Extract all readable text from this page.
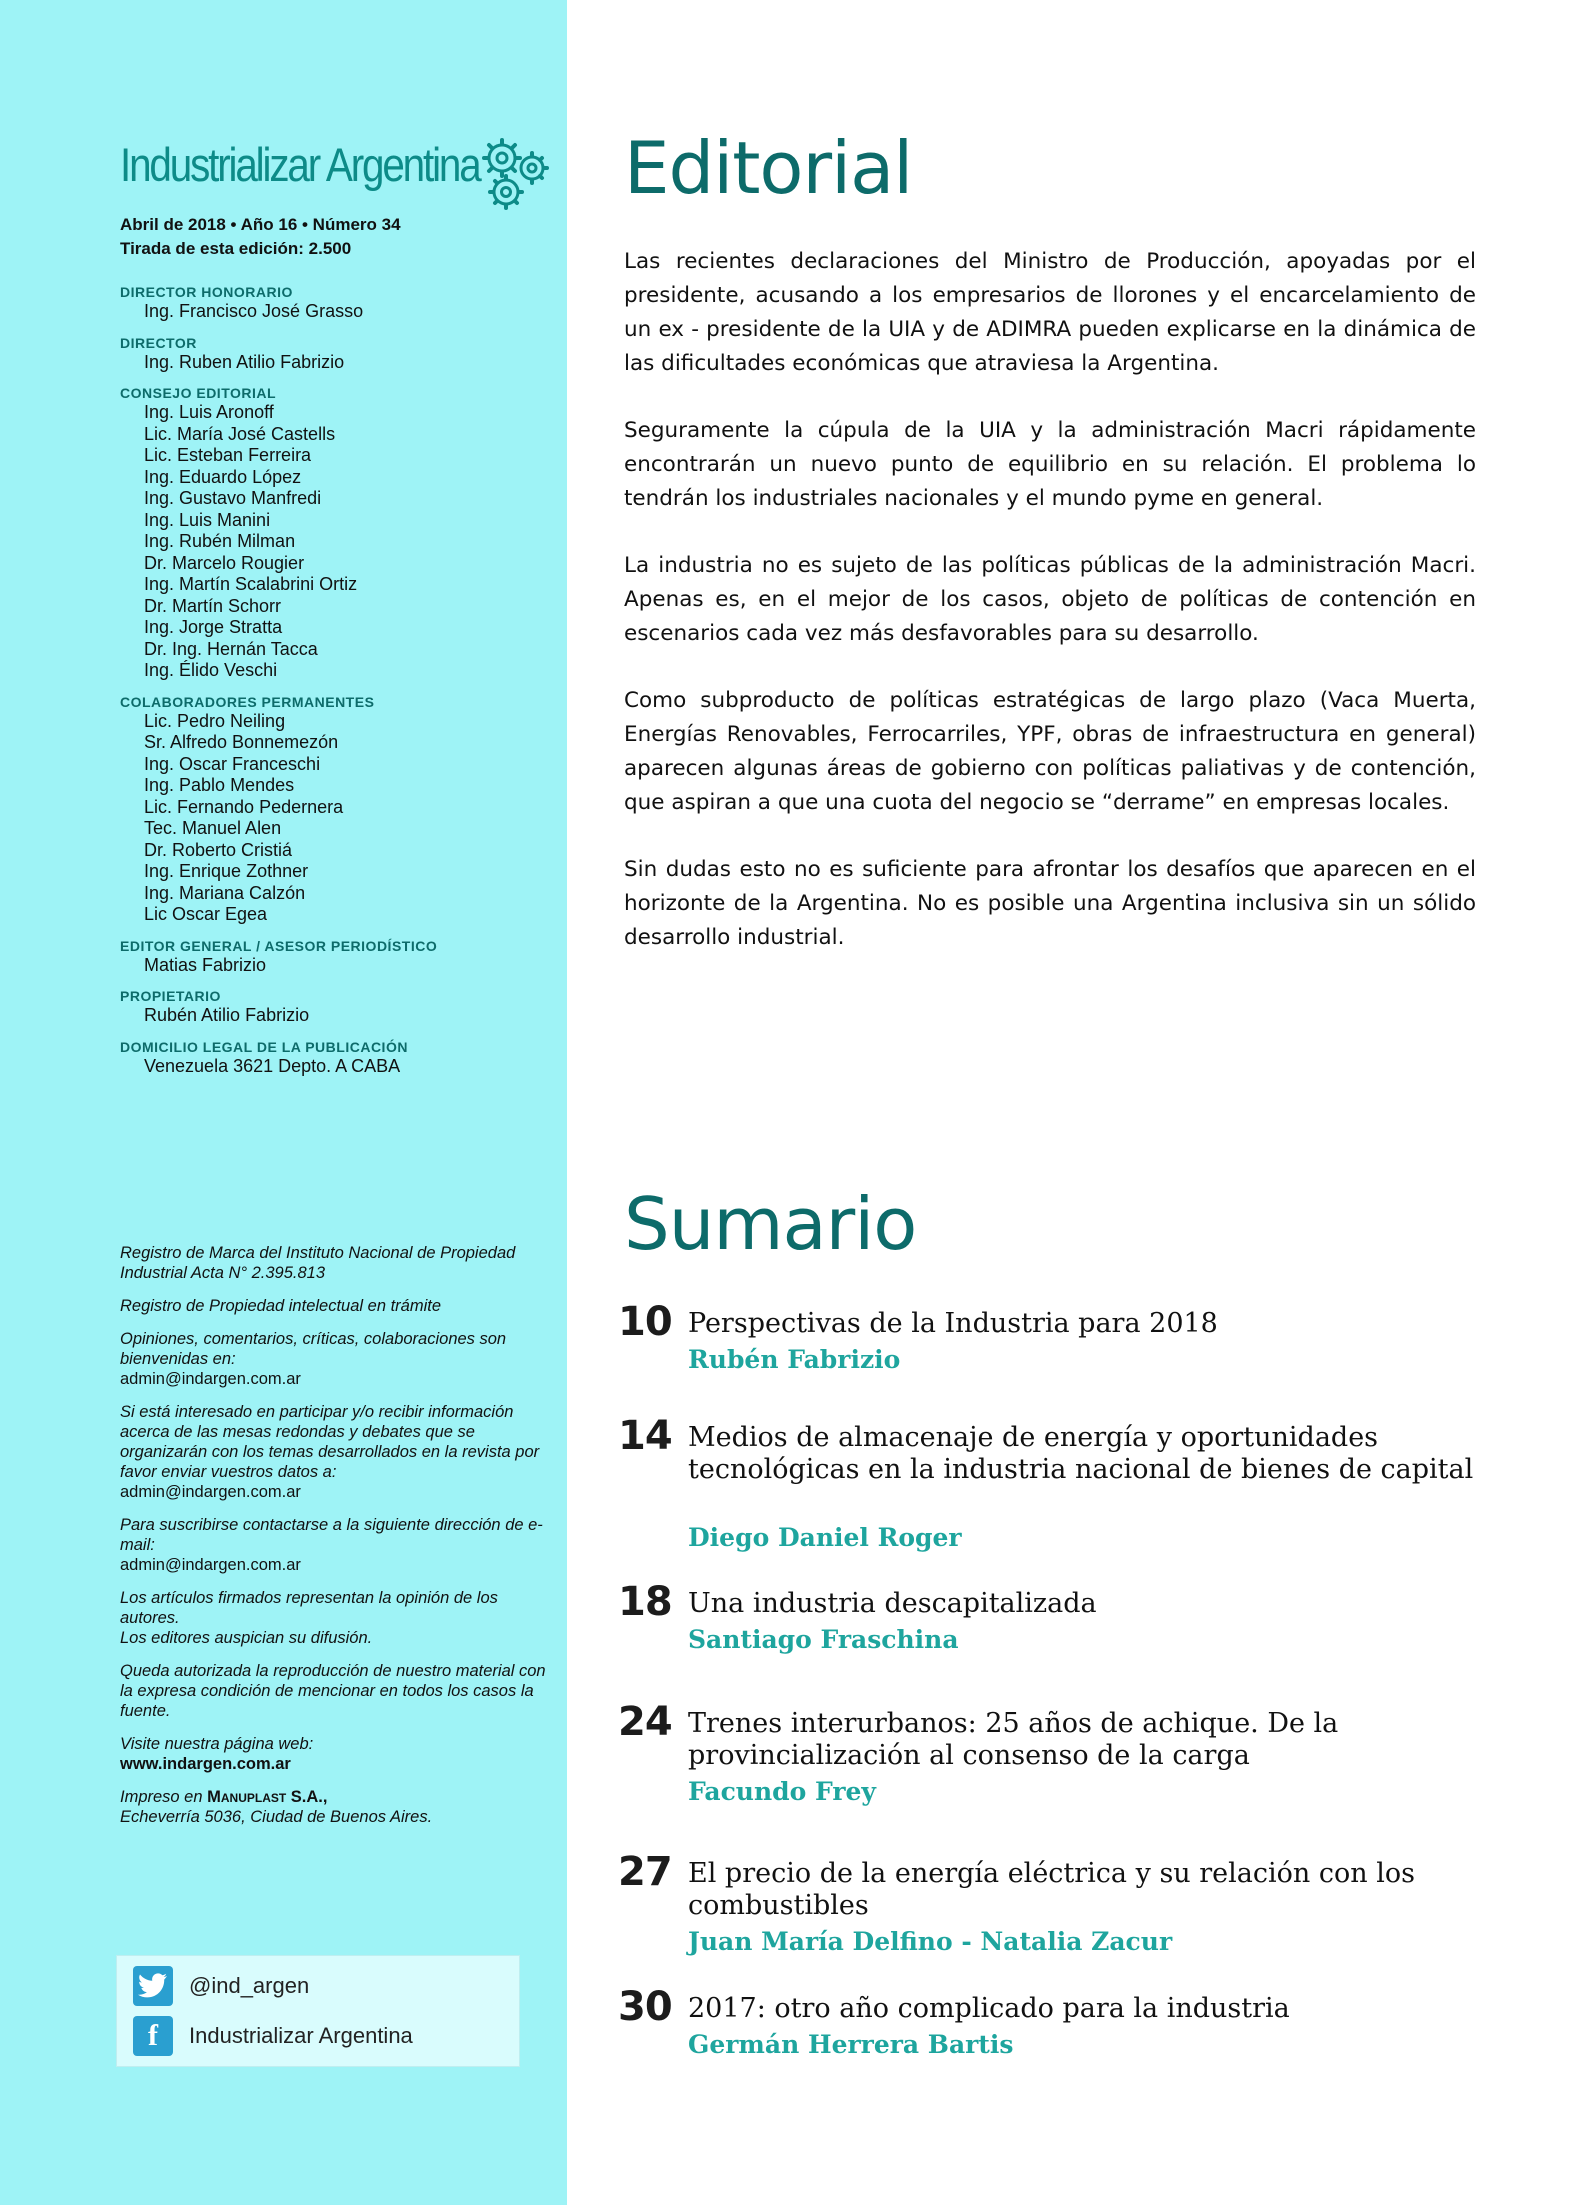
Industrializar Argentina
Abril de 2018 • Año 16 • Número 34
Tirada de esta edición: 2.500
DIRECTOR HONORARIO
Ing. Francisco José Grasso
DIRECTOR
Ing. Ruben Atilio Fabrizio
CONSEJO EDITORIAL
Ing. Luis Aronoff
Lic. María José Castells
Lic. Esteban Ferreira
Ing. Eduardo López
Ing. Gustavo Manfredi
Ing. Luis Manini
Ing. Rubén Milman
Dr. Marcelo Rougier
Ing. Martín Scalabrini Ortiz
Dr. Martín Schorr
Ing. Jorge Stratta
Dr. Ing. Hernán Tacca
Ing. Élido Veschi
COLABORADORES PERMANENTES
Lic. Pedro Neiling
Sr. Alfredo Bonnemezón
Ing. Oscar Franceschi
Ing. Pablo Mendes
Lic. Fernando Pedernera
Tec. Manuel Alen
Dr. Roberto Cristiá
Ing. Enrique Zothner
Ing. Mariana Calzón
Lic Oscar Egea
EDITOR GENERAL / ASESOR PERIODÍSTICO
Matias Fabrizio
PROPIETARIO
Rubén Atilio Fabrizio
DOMICILIO LEGAL DE LA PUBLICACIÓN
Venezuela 3621 Depto. A CABA

Registro de Marca del Instituto Nacional de Propiedad Industrial Acta N° 2.395.813

Registro de Propiedad intelectual en trámite

Opiniones, comentarios, críticas, colaboraciones son bienvenidas en:
admin@indargen.com.ar

Si está interesado en participar y/o recibir información acerca de las mesas redondas y debates que se organizarán con los temas desarrollados en la revista por favor enviar vuestros datos a:
admin@indargen.com.ar

Para suscribirse contactarse a la siguiente dirección de e-mail:
admin@indargen.com.ar

Los artículos firmados representan la opinión de los autores.
Los editores auspician su difusión.

Queda autorizada la reproducción de nuestro material con la expresa condición de mencionar en todos los casos la fuente.

Visite nuestra página web:
www.indargen.com.ar

Impreso en Manuplast S.A.,
Echeverría 5036, Ciudad de Buenos Aires.

@ind_argen
f	Industrializar Argentina
Editorial

Las recientes declaraciones del Ministro de Producción, apoyadas por el presidente, acusando a los empresarios de llorones y el encarcelamiento de un ex - presidente de la UIA y de ADIMRA pueden explicarse en la dinámica de las dificultades económicas que atraviesa la Argentina.

Seguramente la cúpula de la UIA y la administración Macri rápidamente encontrarán un nuevo punto de equilibrio en su relación. El problema lo tendrán los industriales nacionales y el mundo pyme en general.

La industria no es sujeto de las políticas públicas de la administración Macri. Apenas es, en el mejor de los casos, objeto de políticas de contención en escenarios cada vez más desfavorables para su desarrollo.

Como subproducto de políticas estratégicas de largo plazo (Vaca Muerta, Energías Renovables, Ferrocarriles, YPF, obras de infraestructura en general) aparecen algunas áreas de gobierno con políticas paliativas y de contención, que aspiran a que una cuota del negocio se “derrame” en empresas locales.

Sin dudas esto no es suficiente para afrontar los desafíos que aparecen en el horizonte de la Argentina. No es posible una Argentina inclusiva sin un sólido desarrollo industrial.

Sumario
10 Perspectivas de la Industria para 2018
Rubén Fabrizio
14 Medios de almacenaje de energía y oportunidades tecnológicas en la industria nacional de bienes de capital
Diego Daniel Roger
18 Una industria descapitalizada
Santiago Fraschina
24 Trenes interurbanos: 25 años de achique. De la provincialización al consenso de la carga
Facundo Frey
27 El precio de la energía eléctrica y su relación con los combustibles
Juan María Delfino - Natalia Zacur
30 2017: otro año complicado para la industria
Germán Herrera Bartis
